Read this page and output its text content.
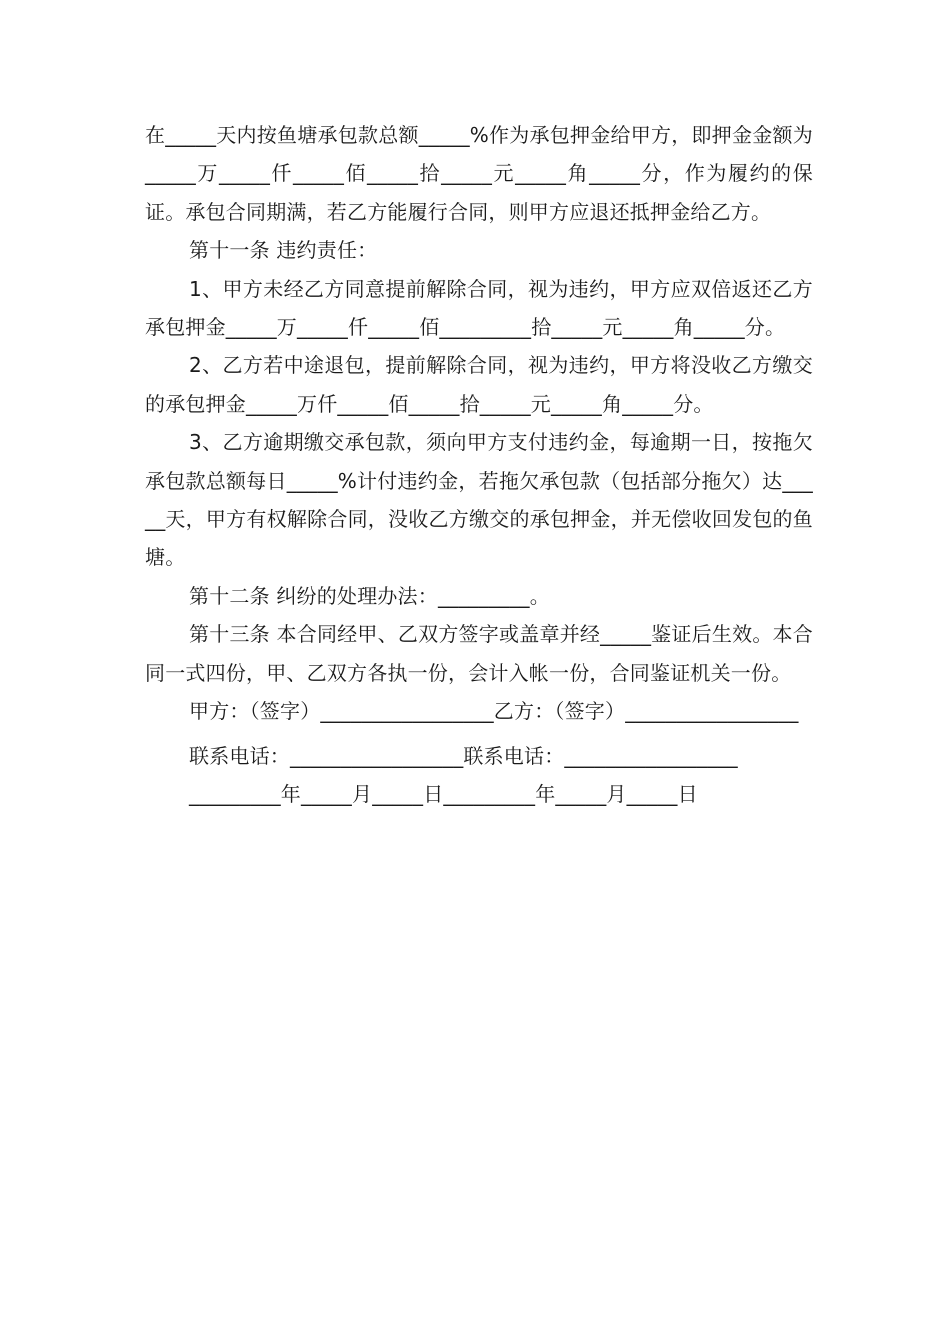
在_____天内按鱼塘承包款总额_____%作为承包押金给甲方，即押金金额为_____万_____仟_____佰_____拾_____元_____角_____分，作为履约的保证。承包合同期满，若乙方能履行合同，则甲方应退还抵押金给乙方。

第十一条 违约责任：

1、甲方未经乙方同意提前解除合同，视为违约，甲方应双倍返还乙方承包押金_____万_____仟_____佰_________拾_____元_____角_____分。

2、乙方若中途退包，提前解除合同，视为违约，甲方将没收乙方缴交的承包押金_____万仟_____佰_____拾_____元_____角_____分。

3、乙方逾期缴交承包款，须向甲方支付违约金，每逾期一日，按拖欠承包款总额每日_____%计付违约金，若拖欠承包款（包括部分拖欠）达_____天，甲方有权解除合同，没收乙方缴交的承包押金，并无偿收回发包的鱼塘。

第十二条 纠纷的处理办法：_________。

第十三条 本合同经甲、乙双方签字或盖章并经_____鉴证后生效。本合同一式四份，甲、乙双方各执一份，会计入帐一份，合同鉴证机关一份。

甲方：（签字）_________________乙方：（签字）_________________

联系电话：_________________联系电话：_________________

_________年_____月_____日_________年_____月_____日
